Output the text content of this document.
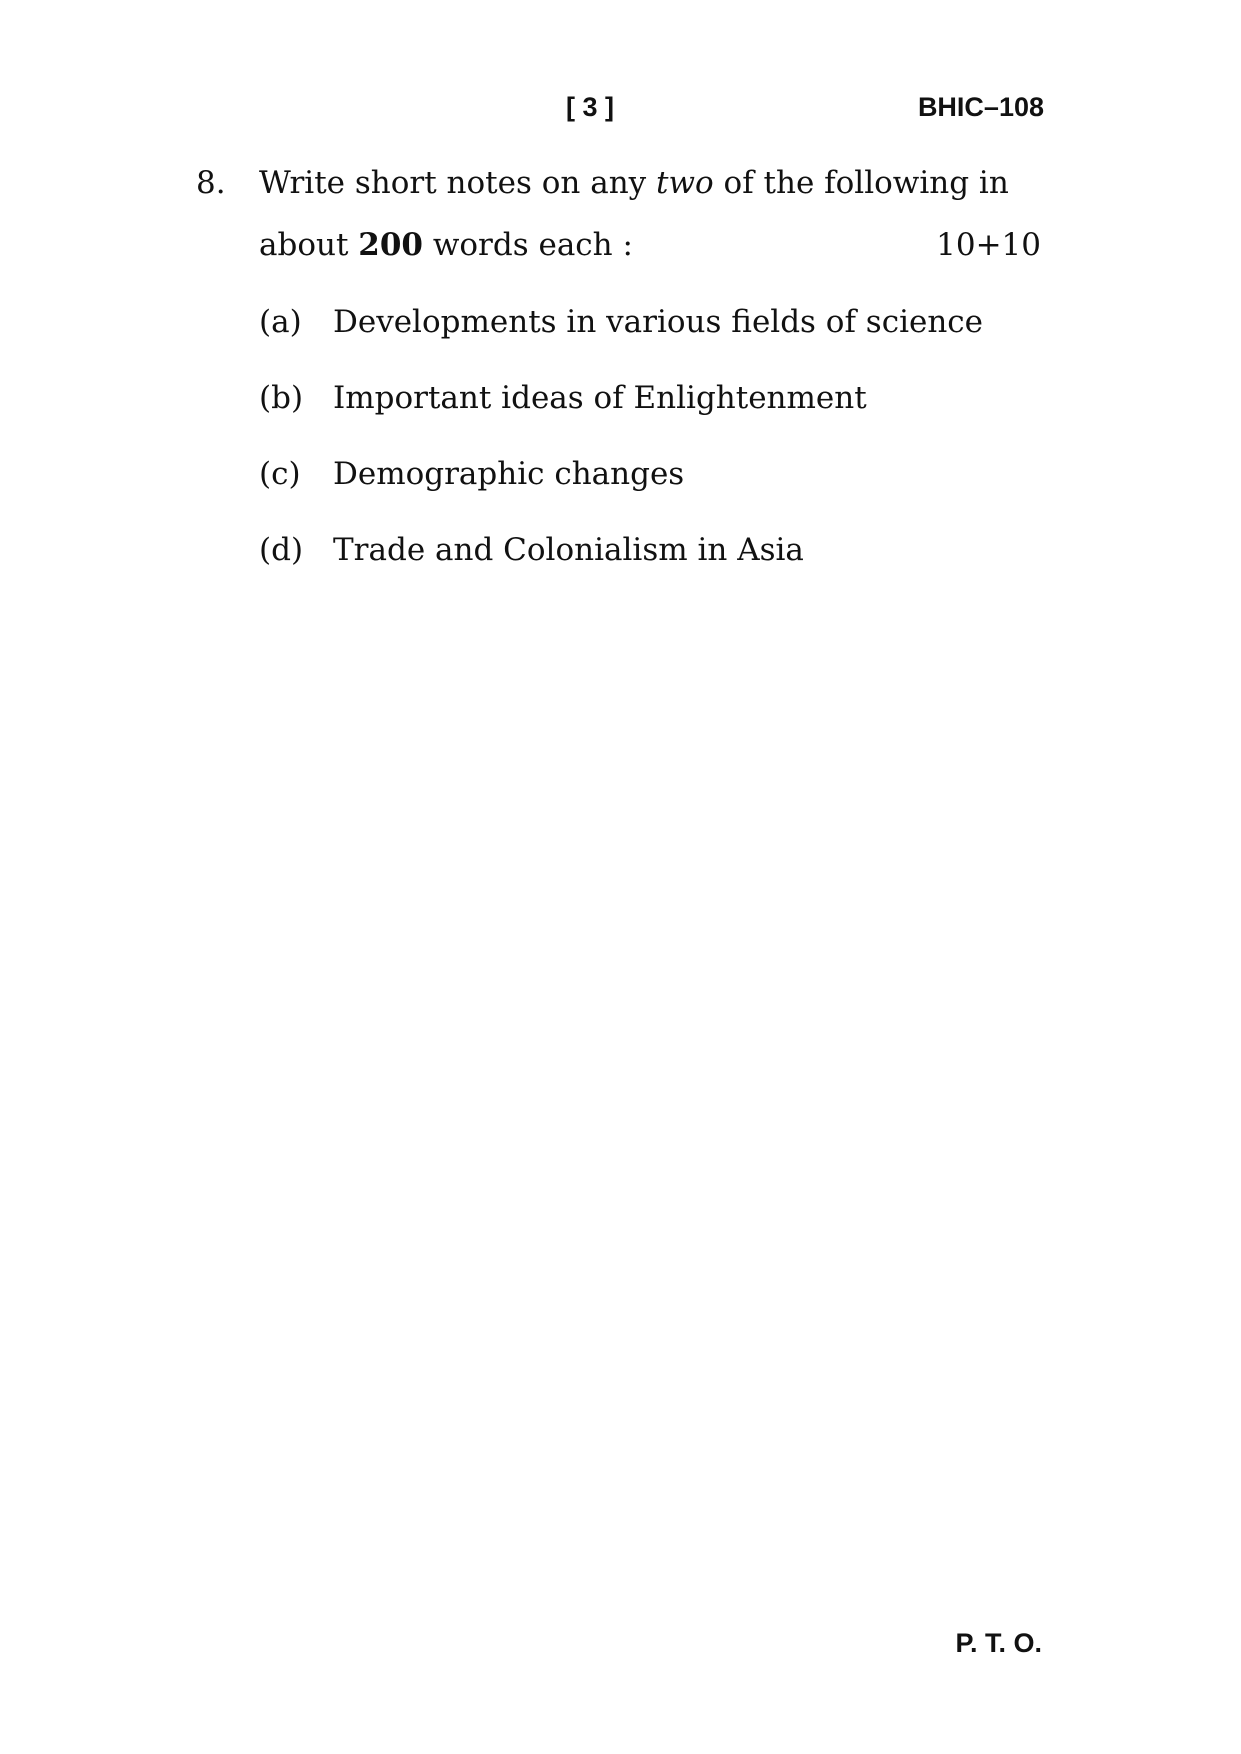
[ 3 ]	BHIC–108
8. Write short notes on any two of the following in
about 200 words each :	10+10
(a) Developments in various fields of science
(b) Important ideas of Enlightenment
(c) Demographic changes
(d) Trade and Colonialism in Asia
P. T. O.
